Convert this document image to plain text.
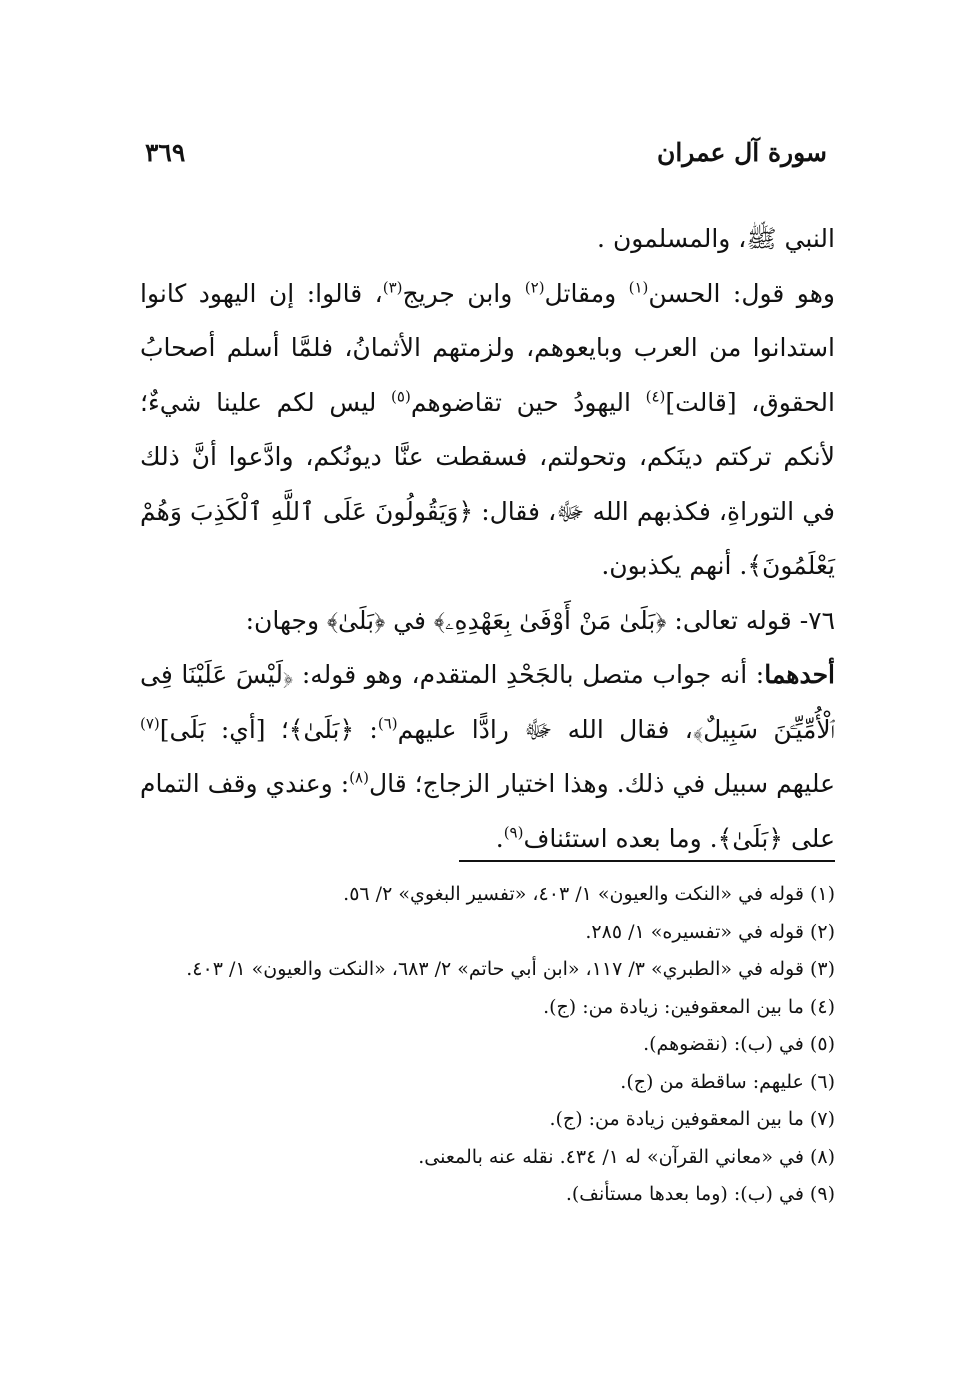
سورة آل عمران
٣٦٩

النبي ﷺ، والمسلمون .

وهو قول: الحسن$^{(١)}$ ومقاتل$^{(٢)}$ وابن جريج$^{(٣)}$، قالوا: إن اليهود كانوا استدانوا من العرب وبايعوهم، ولزمتهم الأثمانُ، فلمَّا أسلم أصحابُ الحقوق، [قالت]$^{(٤)}$ اليهودُ حين تقاضوهم$^{(٥)}$ ليس لكم علينا شيءٌ؛ لأنكم تركتم دينَكم، وتحولتم، فسقطت عنَّا ديونُكم، وادَّعوا أنَّ ذلك في التوراةِ، فكذبهم الله ﷻ، فقال: ﴿وَيَقُولُونَ عَلَى ٱللَّهِ ٱلْكَذِبَ وَهُمْ يَعْلَمُونَ﴾. أنهم يكذبون.

٧٦- قوله تعالى: ﴿بَلَىٰ مَنْ أَوْفَىٰ بِعَهْدِهِۦ﴾ في ﴿بَلَىٰ﴾ وجهان:

أحدهما: أنه جواب متصل بالجَحْدِ المتقدم، وهو قوله: ﴿لَيْسَ عَلَيْنَا فِى ٱلْأُمِّيِّـۧنَ سَبِيلٌ﴾، فقال الله ﷻ رادًّا عليهم$^{(٦)}$: ﴿بَلَىٰ﴾؛ [أي: بَلَى]$^{(٧)}$ عليهم سبيل في ذلك. وهذا اختيار الزجاج؛ قال$^{(٨)}$: وعندي وقف التمام على ﴿بَلَىٰ﴾. وما بعده استئناف$^{(٩)}$.

(١) قوله في «النكت والعيون» ١/ ٤٠٣، «تفسير البغوي» ٢/ ٥٦.
(٢) قوله في «تفسيره» ١/ ٢٨٥.
(٣) قوله في «الطبري» ٣/ ١١٧، «ابن أبي حاتم» ٢/ ٦٨٣، «النكت والعيون» ١/ ٤٠٣.
(٤) ما بين المعقوفين: زيادة من: (ج).
(٥) في (ب): (نقضوهم).
(٦) عليهم: ساقطة من (ج).
(٧) ما بين المعقوفين زيادة من: (ج).
(٨) في «معاني القرآن» له ١/ ٤٣٤. نقله عنه بالمعنى.
(٩) في (ب): (وما بعدها مستأنف).
